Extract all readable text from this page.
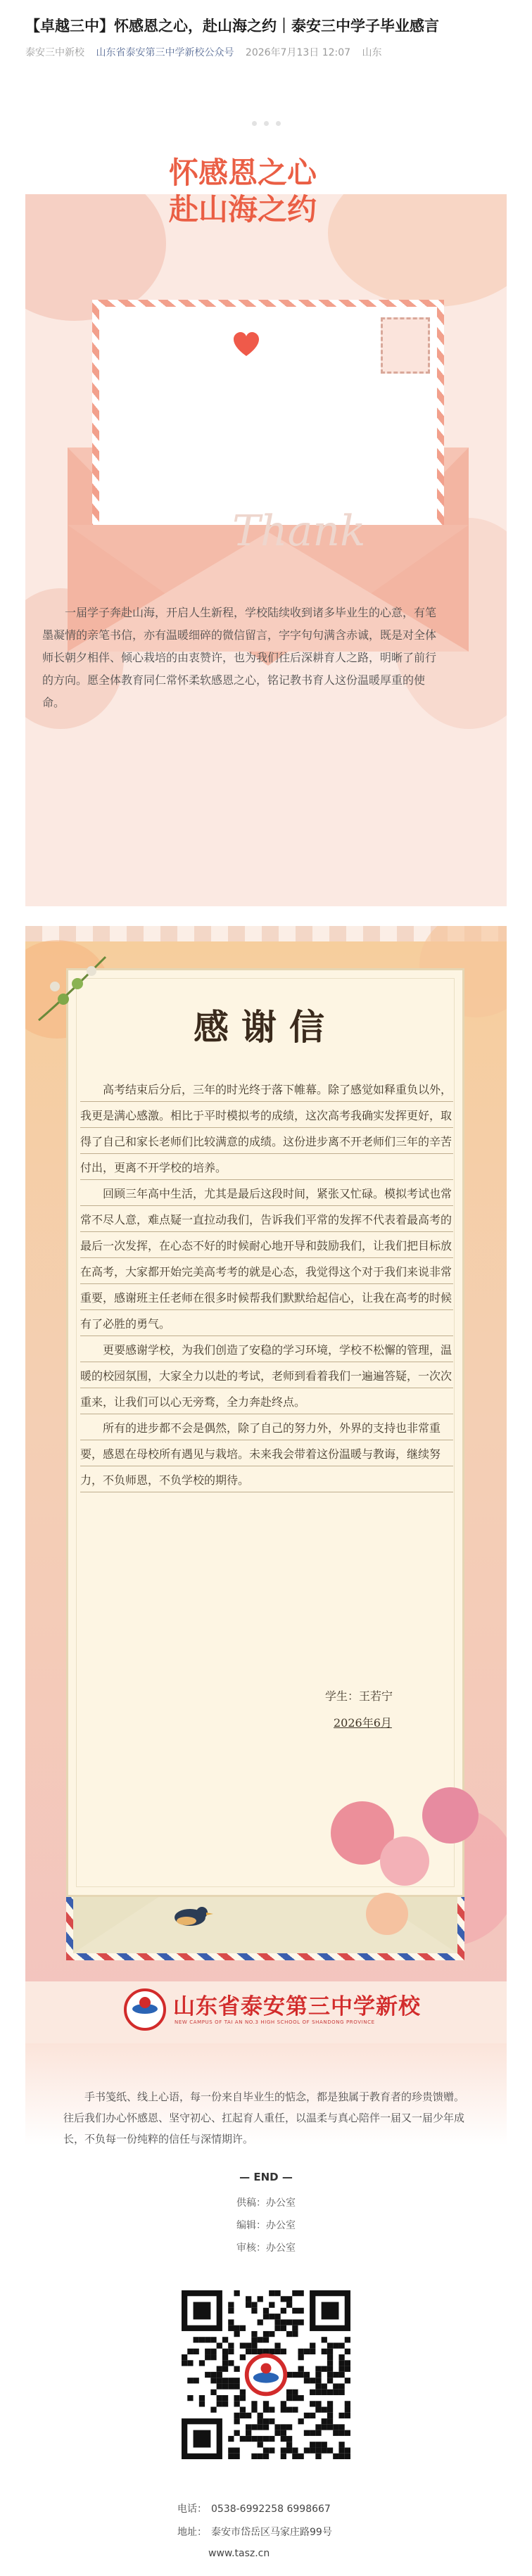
【卓越三中】怀感恩之心，赴山海之约｜泰安三中学子毕业感言
泰安三中新校 山东省泰安第三中学新校公众号 2026年7月13日 12:07 山东
怀感恩之心
赴山海之约
Thank

一届学子奔赴山海，开启人生新程，学校陆续收到诸多毕业生的心意，有笔墨凝情的亲笔书信，亦有温暖细碎的微信留言，字字句句满含赤诚，既是对全体师长朝夕相伴、倾心栽培的由衷赞许，也为我们往后深耕育人之路，明晰了前行的方向。愿全体教育同仁常怀柔软感恩之心，铭记教书育人这份温暖厚重的使命。

感谢信

高考结束后分后，三年的时光终于落下帷幕。除了感觉如释重负以外，我更是满心感激。相比于平时模拟考的成绩，这次高考我确实发挥更好，取得了自己和家长老师们比较满意的成绩。这份进步离不开老师们三年的辛苦付出，更离不开学校的培养。

回顾三年高中生活，尤其是最后这段时间，紧张又忙碌。模拟考试也常常不尽人意，难点疑一直拉动我们，告诉我们平常的发挥不代表着最高考的最后一次发挥，在心态不好的时候耐心地开导和鼓励我们，让我们把目标放在高考，大家都开始完美高考考的就是心态，我觉得这个对于我们来说非常重要，感谢班主任老师在很多时候帮我们默默给起信心，让我在高考的时候有了必胜的勇气。

更要感谢学校，为我们创造了安稳的学习环境，学校不松懈的管理，温暖的校园氛围，大家全力以赴的考试，老师到看着我们一遍遍答疑，一次次重来，让我们可以心无旁骛，全力奔赴终点。

所有的进步都不会是偶然，除了自己的努力外，外界的支持也非常重要，感恩在母校所有遇见与栽培。未来我会带着这份温暖与教诲，继续努力，不负师恩，不负学校的期待。

学生：王若宁
2026年6月
山东省泰安第三中学新校
NEW CAMPUS OF TAI AN NO.3 HIGH SCHOOL OF SHANDONG PROVINCE

手书笺纸、线上心语，每一份来自毕业生的惦念，都是独属于教育者的珍贵馈赠。往后我们办心怀感恩、坚守初心、扛起育人重任，以温柔与真心陪伴一届又一届少年成长，不负每一份纯粹的信任与深情期许。

— END —
供稿：办公室
编辑：办公室
审核：办公室
电话： 0538-6992258 6998667
地址： 泰安市岱岳区马家庄路99号
www.tasz.cn
